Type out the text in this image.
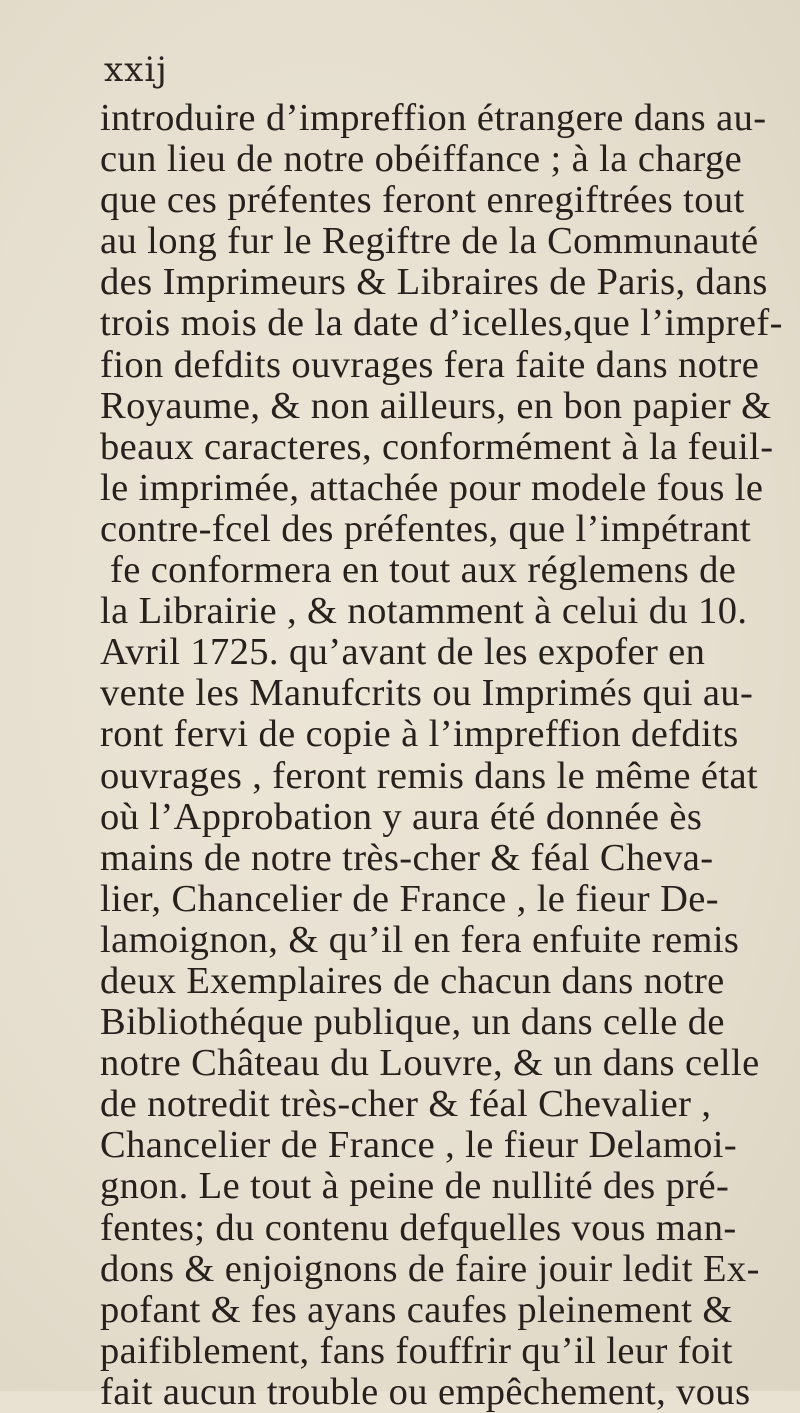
xxij
introduire d’impreffion étrangere dans au-
cun lieu de notre obéiffance ; à la charge
que ces préfentes feront enregiftrées tout
au long fur le Regiftre de la Communauté
des Imprimeurs & Libraires de Paris, dans
trois mois de la date d’icelles,que l’impref-
fion defdits ouvrages fera faite dans notre
Royaume, & non ailleurs, en bon papier &
beaux caracteres, conformément à la feuil-
le imprimée, attachée pour modele fous le
contre-fcel des préfentes, que l’impétrant
fe conformera en tout aux réglemens de
la Librairie , & notamment à celui du 10.
Avril 1725. qu’avant de les expofer en
vente les Manufcrits ou Imprimés qui au-
ront fervi de copie à l’impreffion defdits
ouvrages , feront remis dans le même état
où l’Approbation y aura été donnée ès
mains de notre très-cher & féal Cheva-
lier, Chancelier de France , le fieur De-
lamoignon, & qu’il en fera enfuite remis
deux Exemplaires de chacun dans notre
Bibliothéque publique, un dans celle de
notre Château du Louvre, & un dans celle
de notredit très-cher & féal Chevalier ,
Chancelier de France , le fieur Delamoi-
gnon. Le tout à peine de nullité des pré-
fentes; du contenu defquelles vous man-
dons & enjoignons de faire jouir ledit Ex-
pofant & fes ayans caufes pleinement &
paifiblement, fans fouffrir qu’il leur foit
fait aucun trouble ou empêchement, vous
